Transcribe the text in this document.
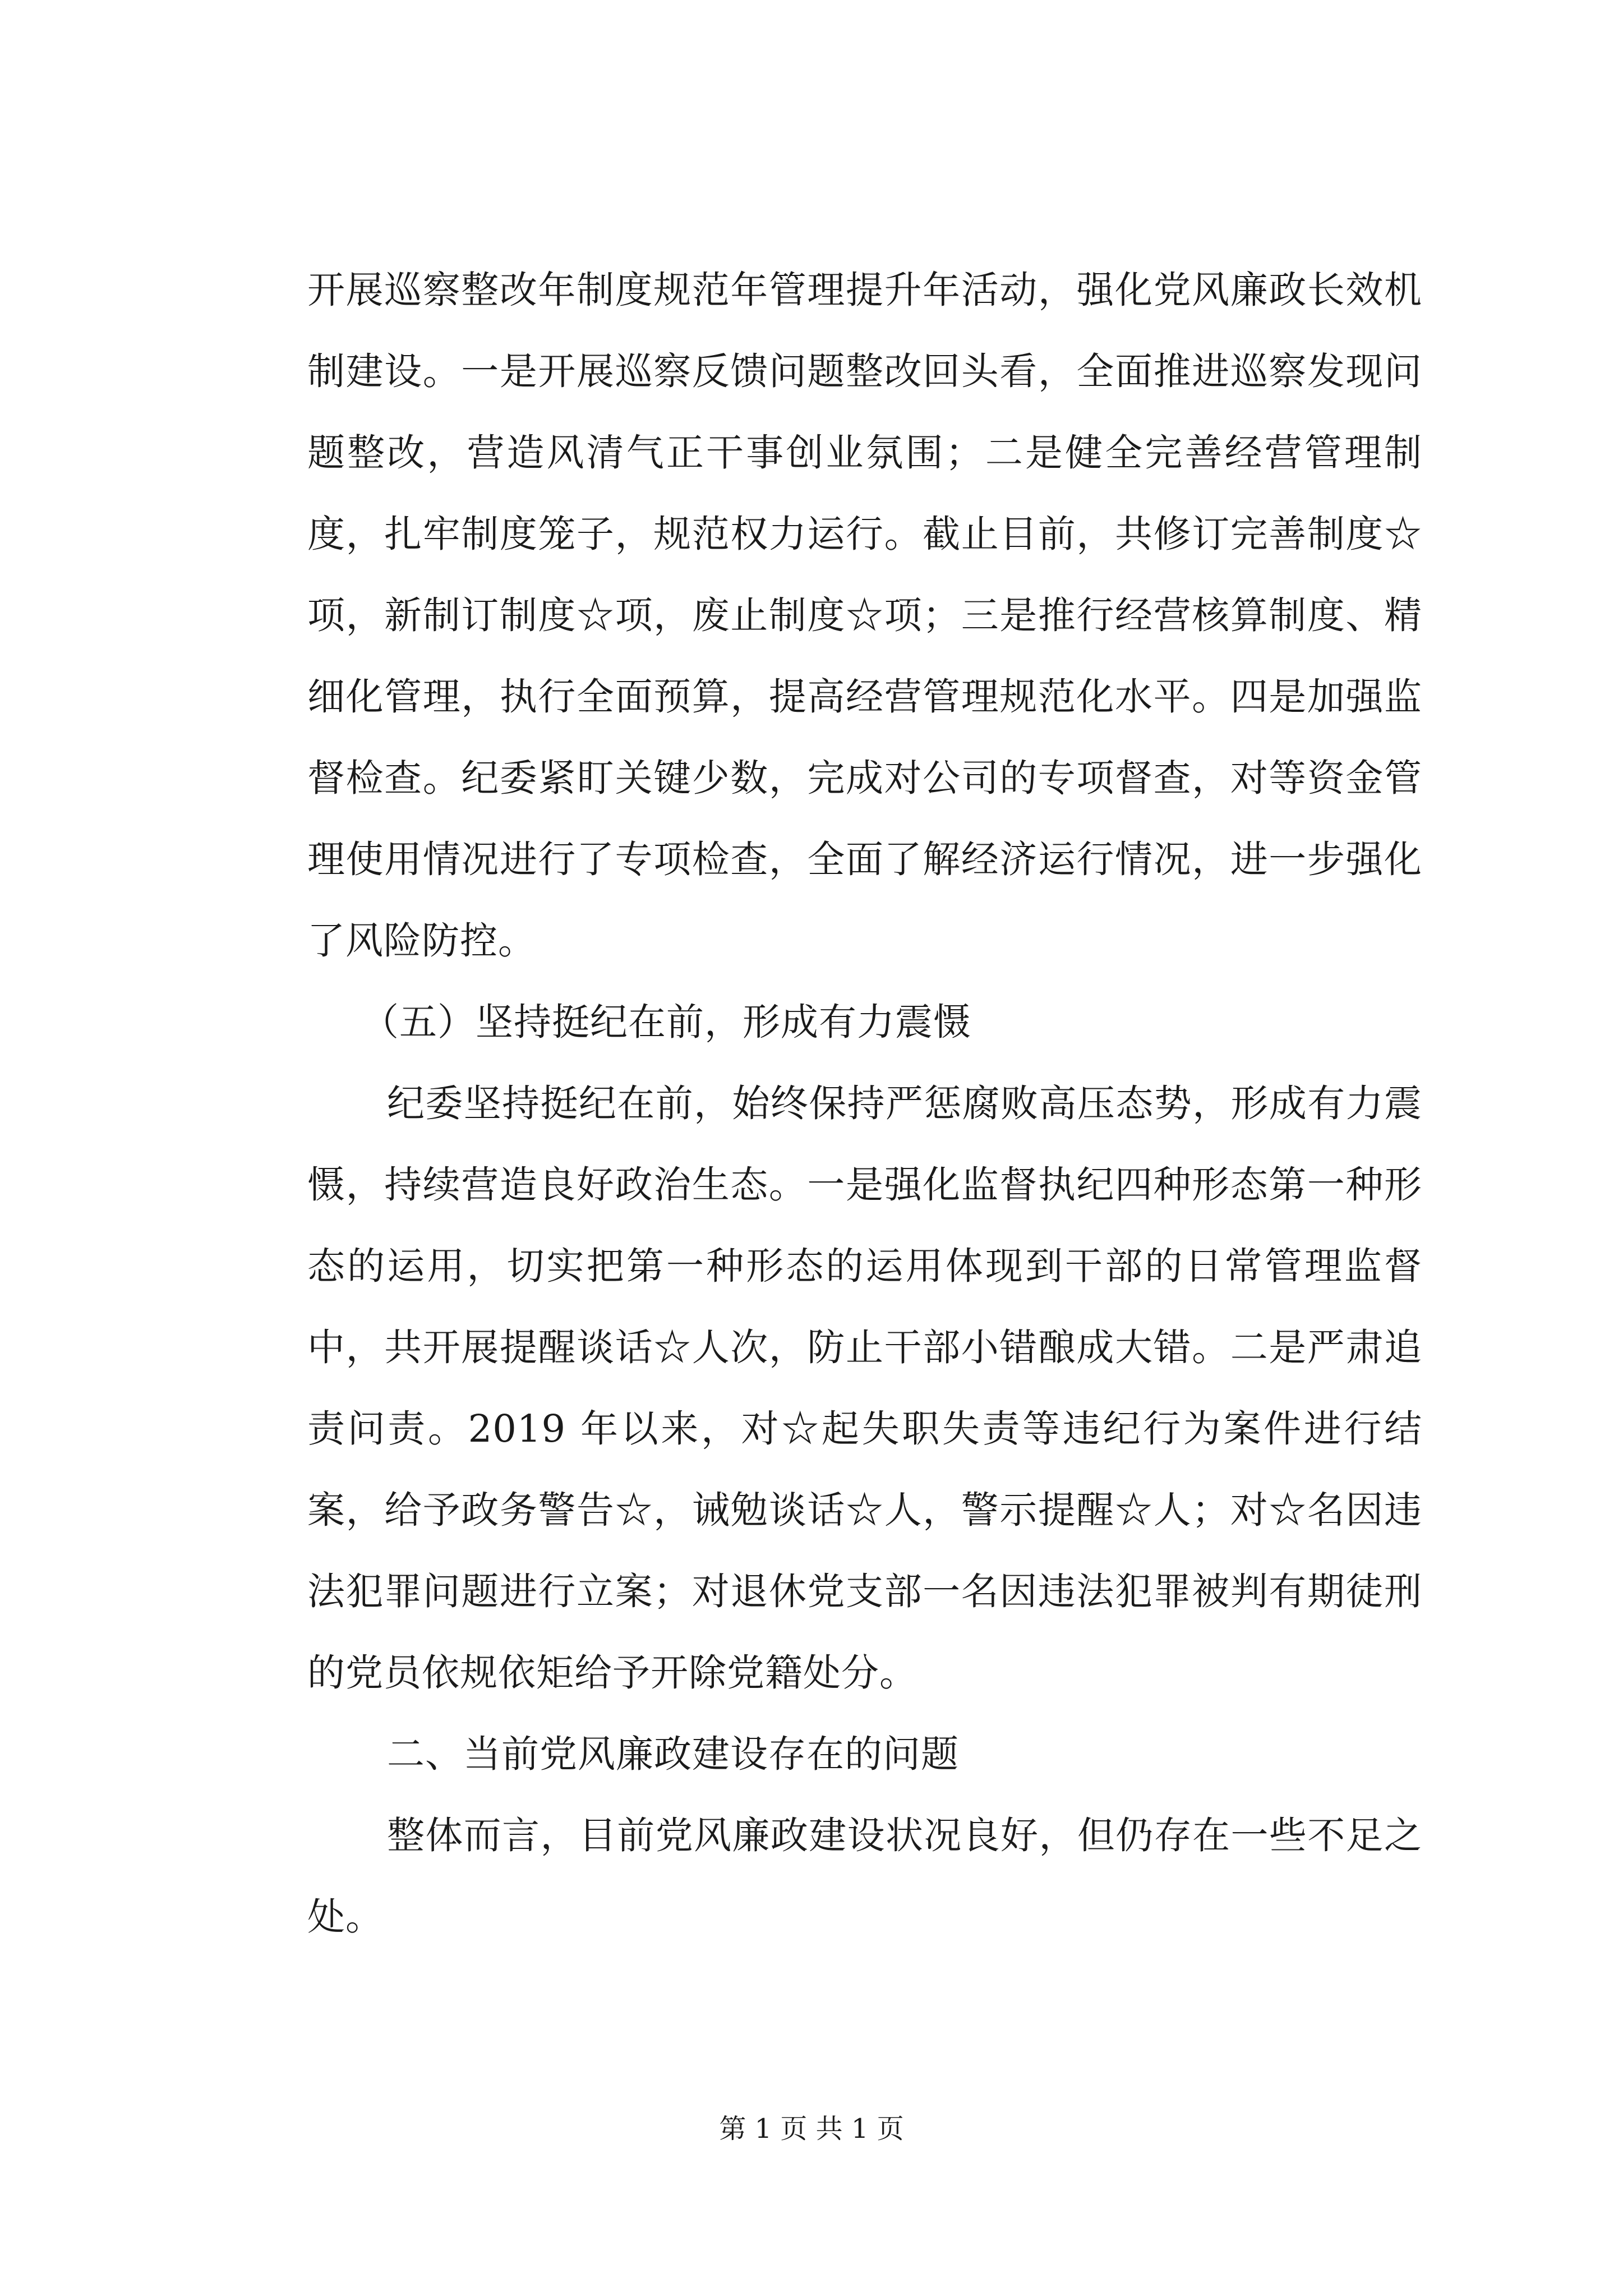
开展巡察整改年制度规范年管理提升年活动，强化党风廉政长效机制建设。一是开展巡察反馈问题整改回头看，全面推进巡察发现问题整改，营造风清气正干事创业氛围；二是健全完善经营管理制度，扎牢制度笼子，规范权力运行。截止目前，共修订完善制度☆项，新制订制度☆项，废止制度☆项；三是推行经营核算制度、精细化管理，执行全面预算，提高经营管理规范化水平。四是加强监督检查。纪委紧盯关键少数，完成对公司的专项督查，对等资金管理使用情况进行了专项检查，全面了解经济运行情况，进一步强化了风险防控。

（五）坚持挺纪在前，形成有力震慑

纪委坚持挺纪在前，始终保持严惩腐败高压态势，形成有力震慑，持续营造良好政治生态。一是强化监督执纪四种形态第一种形态的运用，切实把第一种形态的运用体现到干部的日常管理监督中，共开展提醒谈话☆人次，防止干部小错酿成大错。二是严肃追责问责。2019 年以来，对☆起失职失责等违纪行为案件进行结案，给予政务警告☆，诫勉谈话☆人，警示提醒☆人；对☆名因违法犯罪问题进行立案；对退休党支部一名因违法犯罪被判有期徒刑的党员依规依矩给予开除党籍处分。

二、当前党风廉政建设存在的问题

整体而言，目前党风廉政建设状况良好，但仍存在一些不足之处。

第 1 页 共 1 页
